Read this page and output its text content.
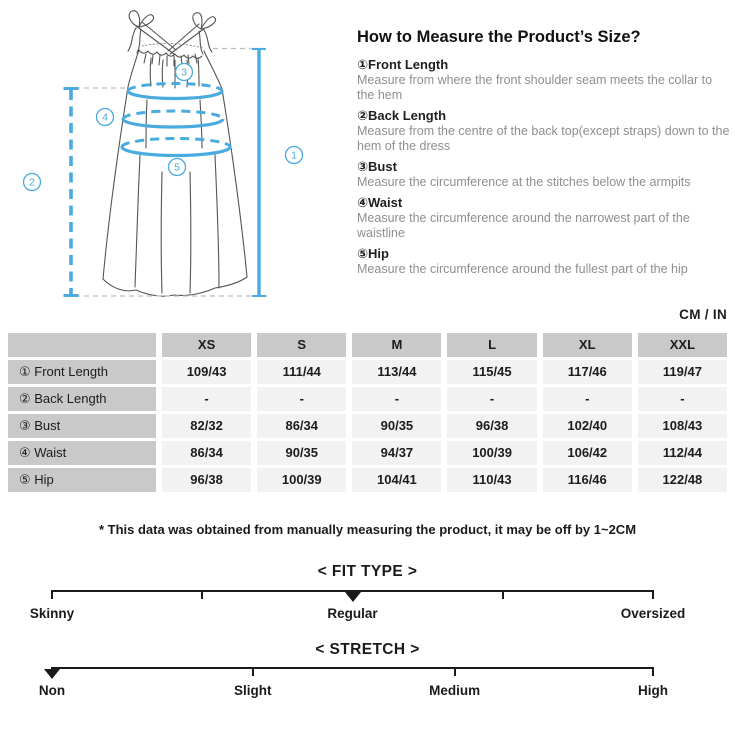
1
2
3
4
5
How to Measure the Product’s Size?
①Front Length
Measure from where the front shoulder seam meets the collar to the hem
②Back Length
Measure from the centre of the back top(except straps) down to the hem of the dress
③Bust
Measure the circumference at the stitches below the armpits
④Waist
Measure the circumference around the narrowest part of the waistline
⑤Hip
Measure the circumference around the fullest part of the hip
CM / IN
XS	S	M	L	XL	XXL
① Front Length	109/43	111/44	113/44	115/45	117/46	119/47
② Back Length	-	-	-	-	-	-
③ Bust	82/32	86/34	90/35	96/38	102/40	108/43
④ Waist	86/34	90/35	94/37	100/39	106/42	112/44
⑤ Hip	96/38	100/39	104/41	110/43	116/46	122/48
* This data was obtained from manually measuring the product, it may be off by 1~2CM
< FIT TYPE >
Skinny	Regular	Oversized
< STRETCH >
Non	Slight	Medium	High
